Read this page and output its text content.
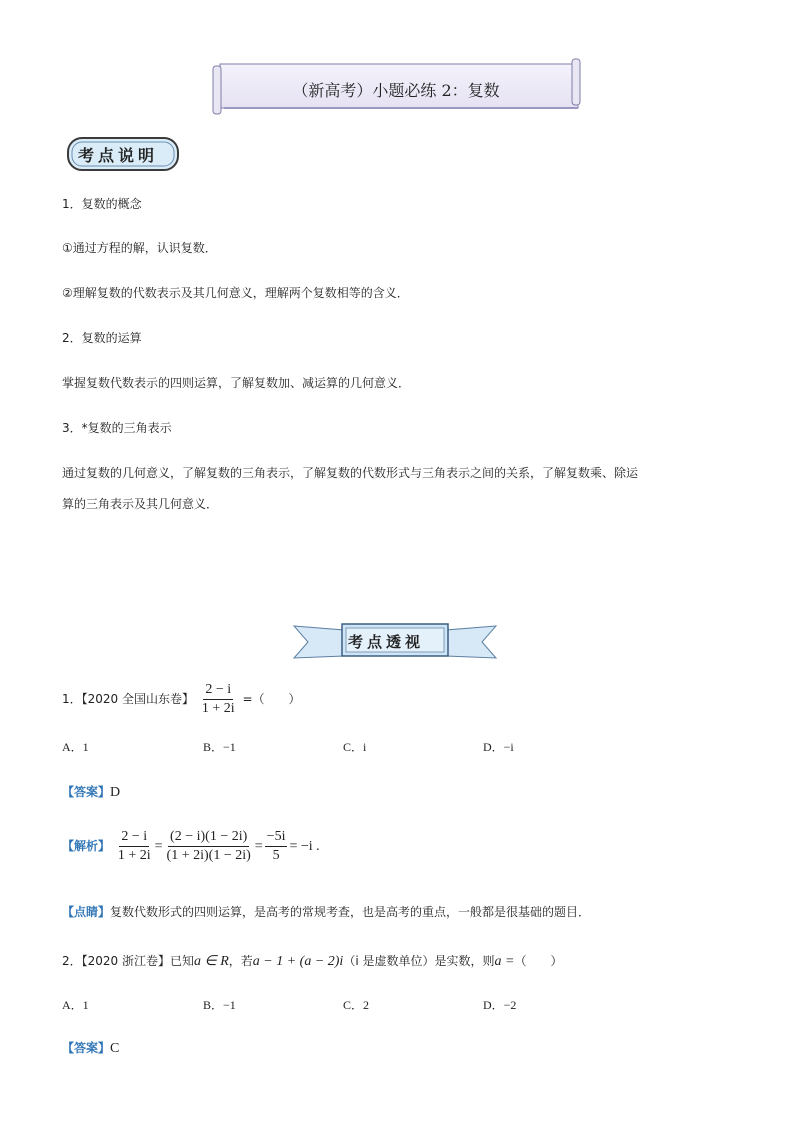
（新高考）小题必练 2：复数
考点说明
1．复数的概念
①通过方程的解，认识复数．
②理解复数的代数表示及其几何意义，理解两个复数相等的含义．
2．复数的运算
掌握复数代数表示的四则运算，了解复数加、减运算的几何意义．
3．*复数的三角表示
通过复数的几何意义，了解复数的三角表示，了解复数的代数形式与三角表示之间的关系，了解复数乘、除运
算的三角表示及其几何意义．
考点透视
1．【2020 全国山东卷】 $\frac{2 - i}{1 + 2i}$ =（　　）
A．1	B．−1	C．i	D．−i
【答案】D
【解析】 $\frac{2 - i}{1 + 2i} = \frac{(2 - i)(1 - 2i)}{(1 + 2i)(1 - 2i)} = \frac{-5i}{5} = -i$ .
【点睛】复数代数形式的四则运算，是高考的常规考查，也是高考的重点，一般都是很基础的题目．
2．【2020 浙江卷】已知a ∈ R，若a − 1 + (a − 2)i（i 是虚数单位）是实数，则a =（　　）
A．1	B．−1	C．2	D．−2
【答案】C
